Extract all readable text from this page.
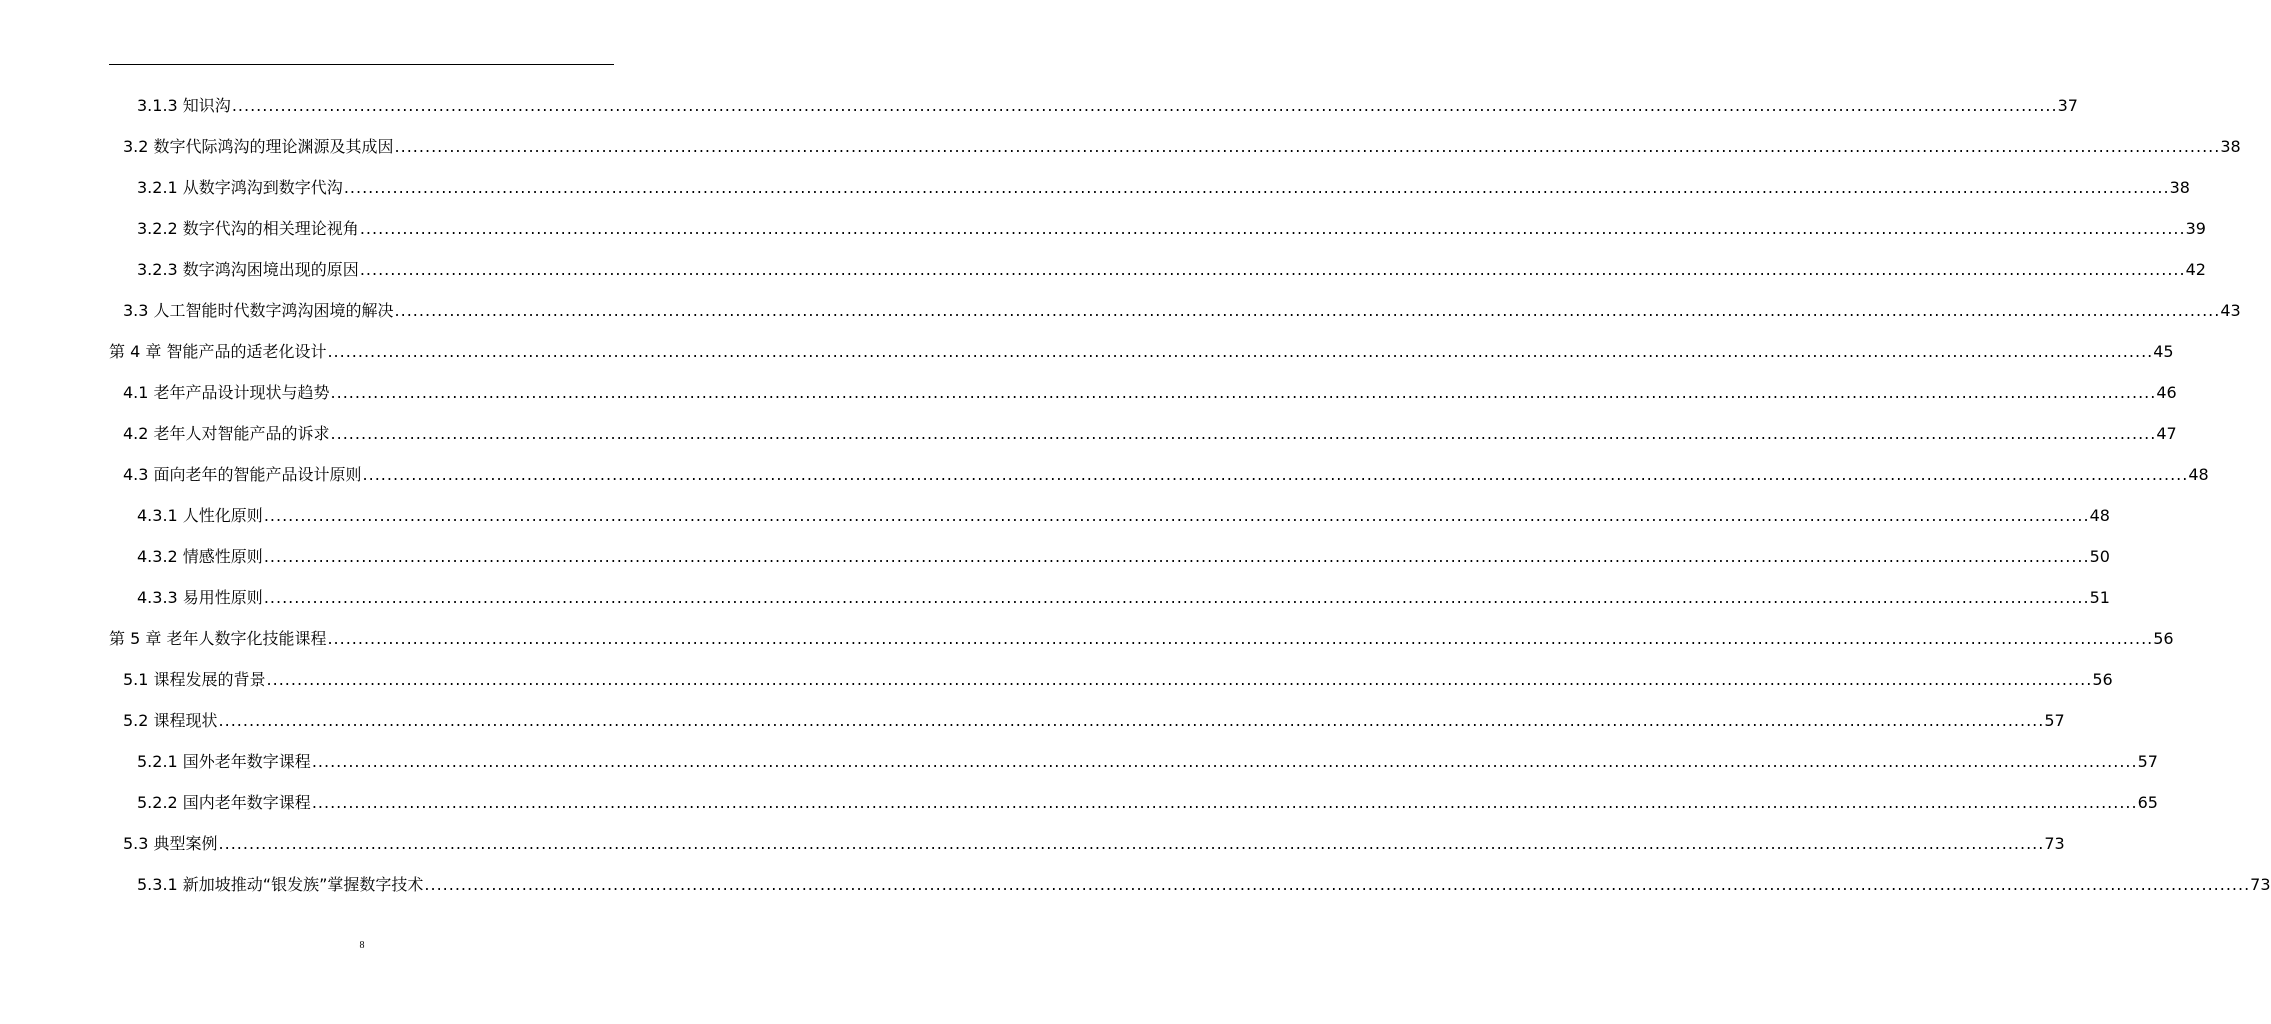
3.1.3 知识沟 ............................................................................................................................................................................................................................................................................................................ 37
3.2 数字代际鸿沟的理论渊源及其成因 ............................................................................................................................................................................................................................................................................................................ 38
3.2.1 从数字鸿沟到数字代沟 ............................................................................................................................................................................................................................................................................................................ 38
3.2.2 数字代沟的相关理论视角 ............................................................................................................................................................................................................................................................................................................ 39
3.2.3 数字鸿沟困境出现的原因 ............................................................................................................................................................................................................................................................................................................ 42
3.3 人工智能时代数字鸿沟困境的解决 ............................................................................................................................................................................................................................................................................................................ 43
第 4 章 智能产品的适老化设计 ............................................................................................................................................................................................................................................................................................................ 45
4.1 老年产品设计现状与趋势 ............................................................................................................................................................................................................................................................................................................ 46
4.2 老年人对智能产品的诉求 ............................................................................................................................................................................................................................................................................................................ 47
4.3 面向老年的智能产品设计原则 ............................................................................................................................................................................................................................................................................................................ 48
4.3.1 人性化原则 ............................................................................................................................................................................................................................................................................................................ 48
4.3.2 情感性原则 ............................................................................................................................................................................................................................................................................................................ 50
4.3.3 易用性原则 ............................................................................................................................................................................................................................................................................................................ 51
第 5 章 老年人数字化技能课程 ............................................................................................................................................................................................................................................................................................................ 56
5.1 课程发展的背景 ............................................................................................................................................................................................................................................................................................................ 56
5.2 课程现状 ............................................................................................................................................................................................................................................................................................................ 57
5.2.1 国外老年数字课程 ............................................................................................................................................................................................................................................................................................................ 57
5.2.2 国内老年数字课程 ............................................................................................................................................................................................................................................................................................................ 65
5.3 典型案例 ............................................................................................................................................................................................................................................................................................................ 73
5.3.1 新加坡推动“银发族”掌握数字技术 ............................................................................................................................................................................................................................................................................................................ 73
8
